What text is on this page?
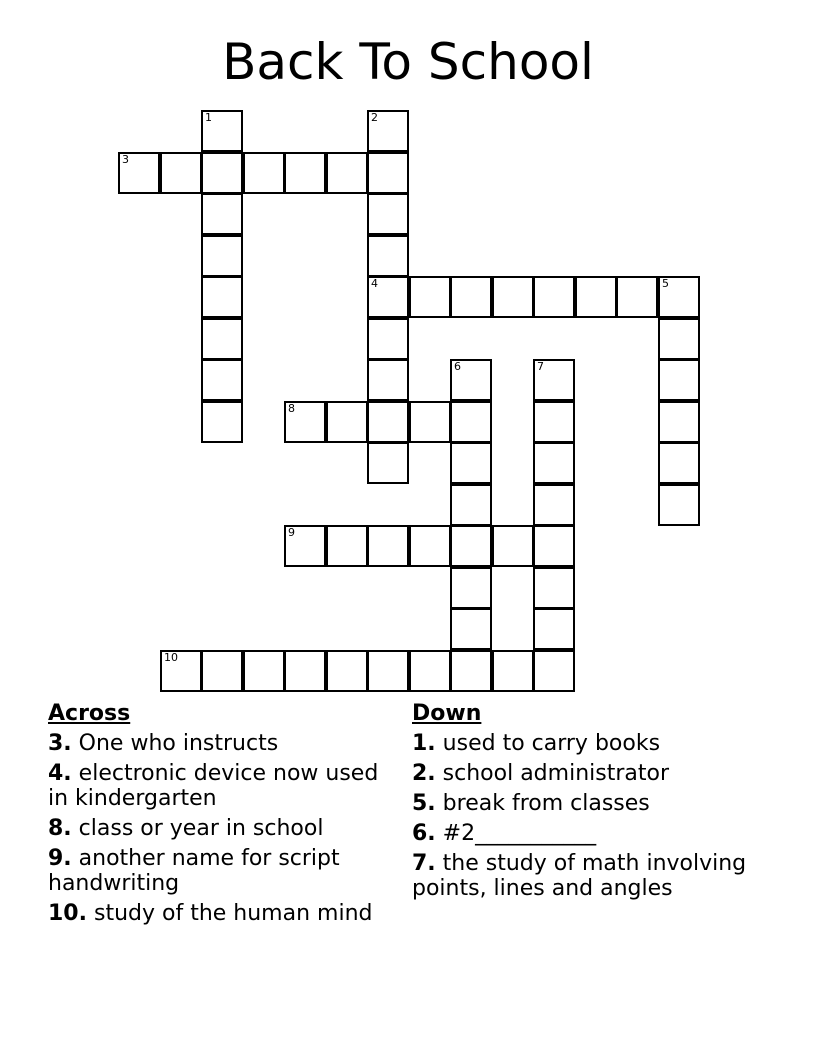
Back To School
1	2
4
3
5
6	7
8
9
10
Across
3. One who instructs
4. electronic device now used in kindergarten
8. class or year in school
9. another name for script handwriting
10. study of the human mind
Down
1. used to carry books
2. school administrator
5. break from classes
6. #2___________
7. the study of math involving points, lines and angles
